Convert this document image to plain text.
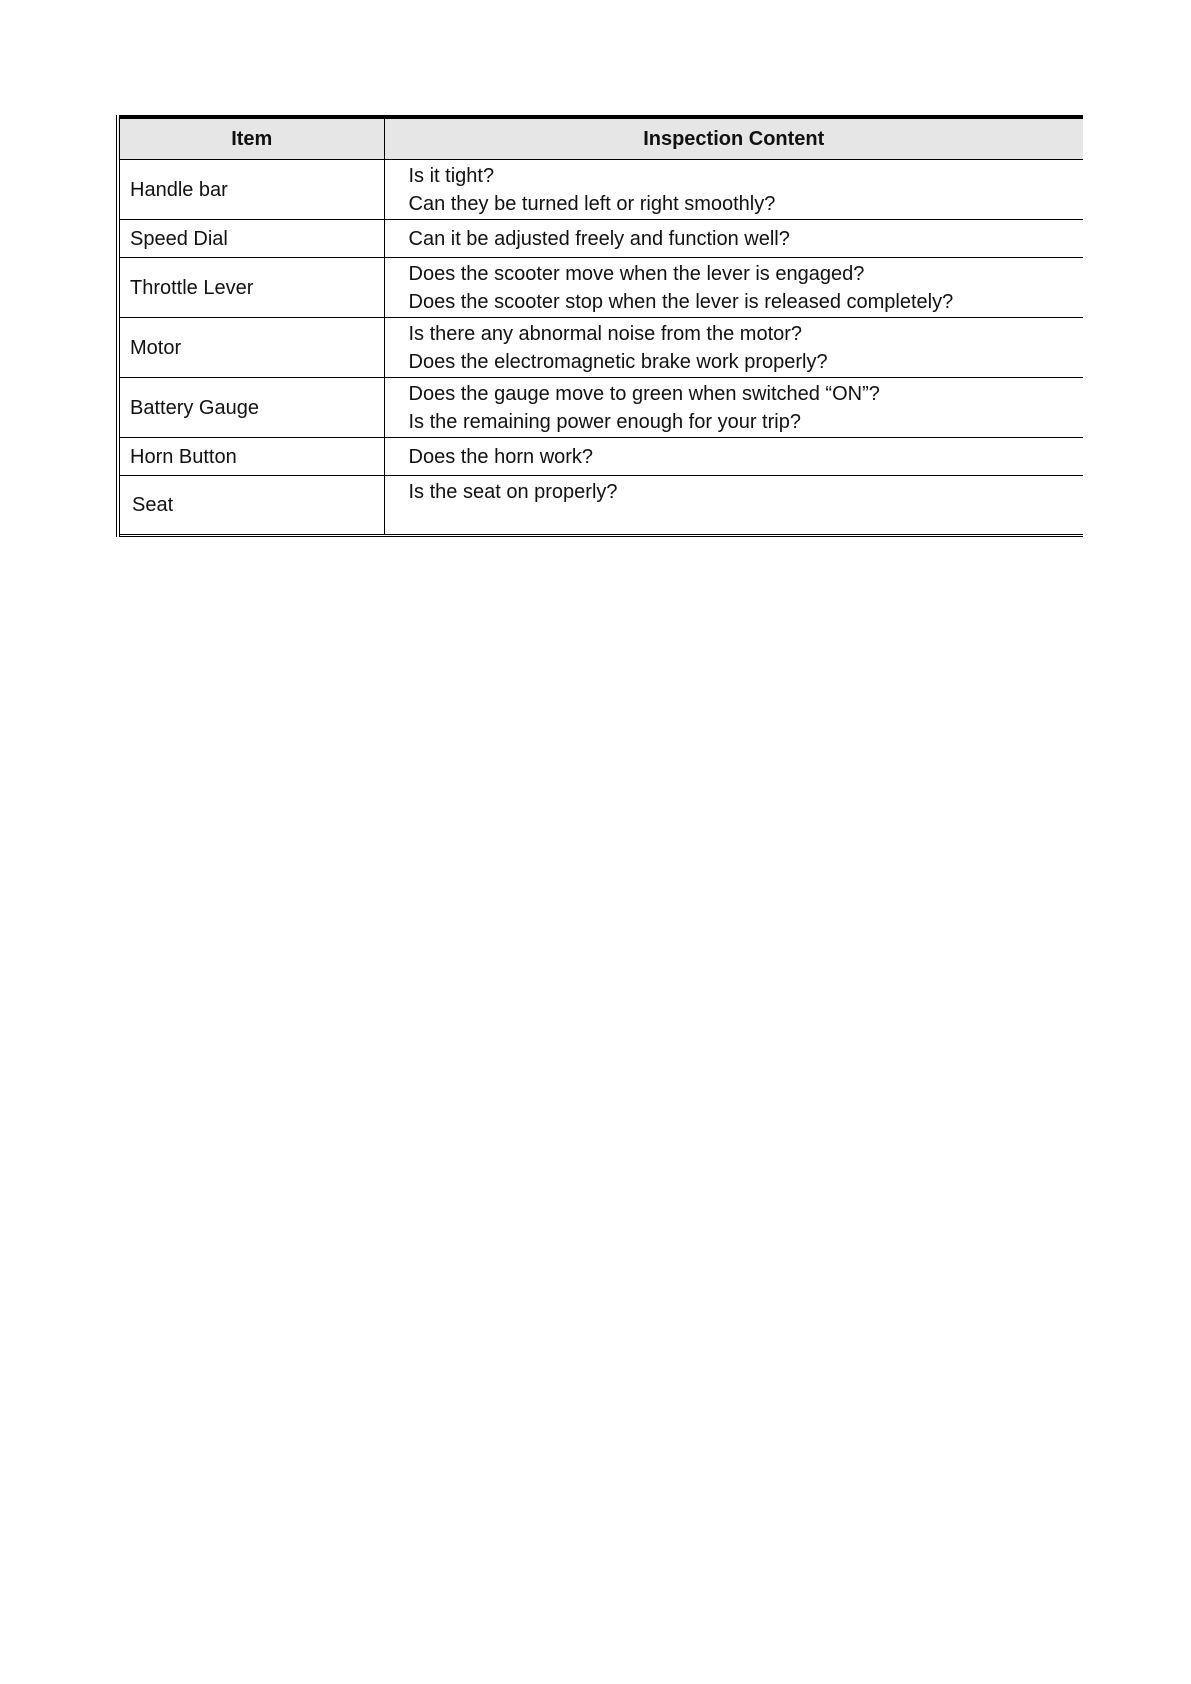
Item	Inspection Content
Handle bar	Is it tight?
Can they be turned left or right smoothly?

Speed Dial	Can it be adjusted freely and function well?

Throttle Lever	Does the scooter move when the lever is engaged?
Does the scooter stop when the lever is released completely?

Motor	Is there any abnormal noise from the motor?
Does the electromagnetic brake work properly?

Battery Gauge	Does the gauge move to green when switched “ON”?
Is the remaining power enough for your trip?

Horn Button	Does the horn work?

Seat	Is the seat on properly?
